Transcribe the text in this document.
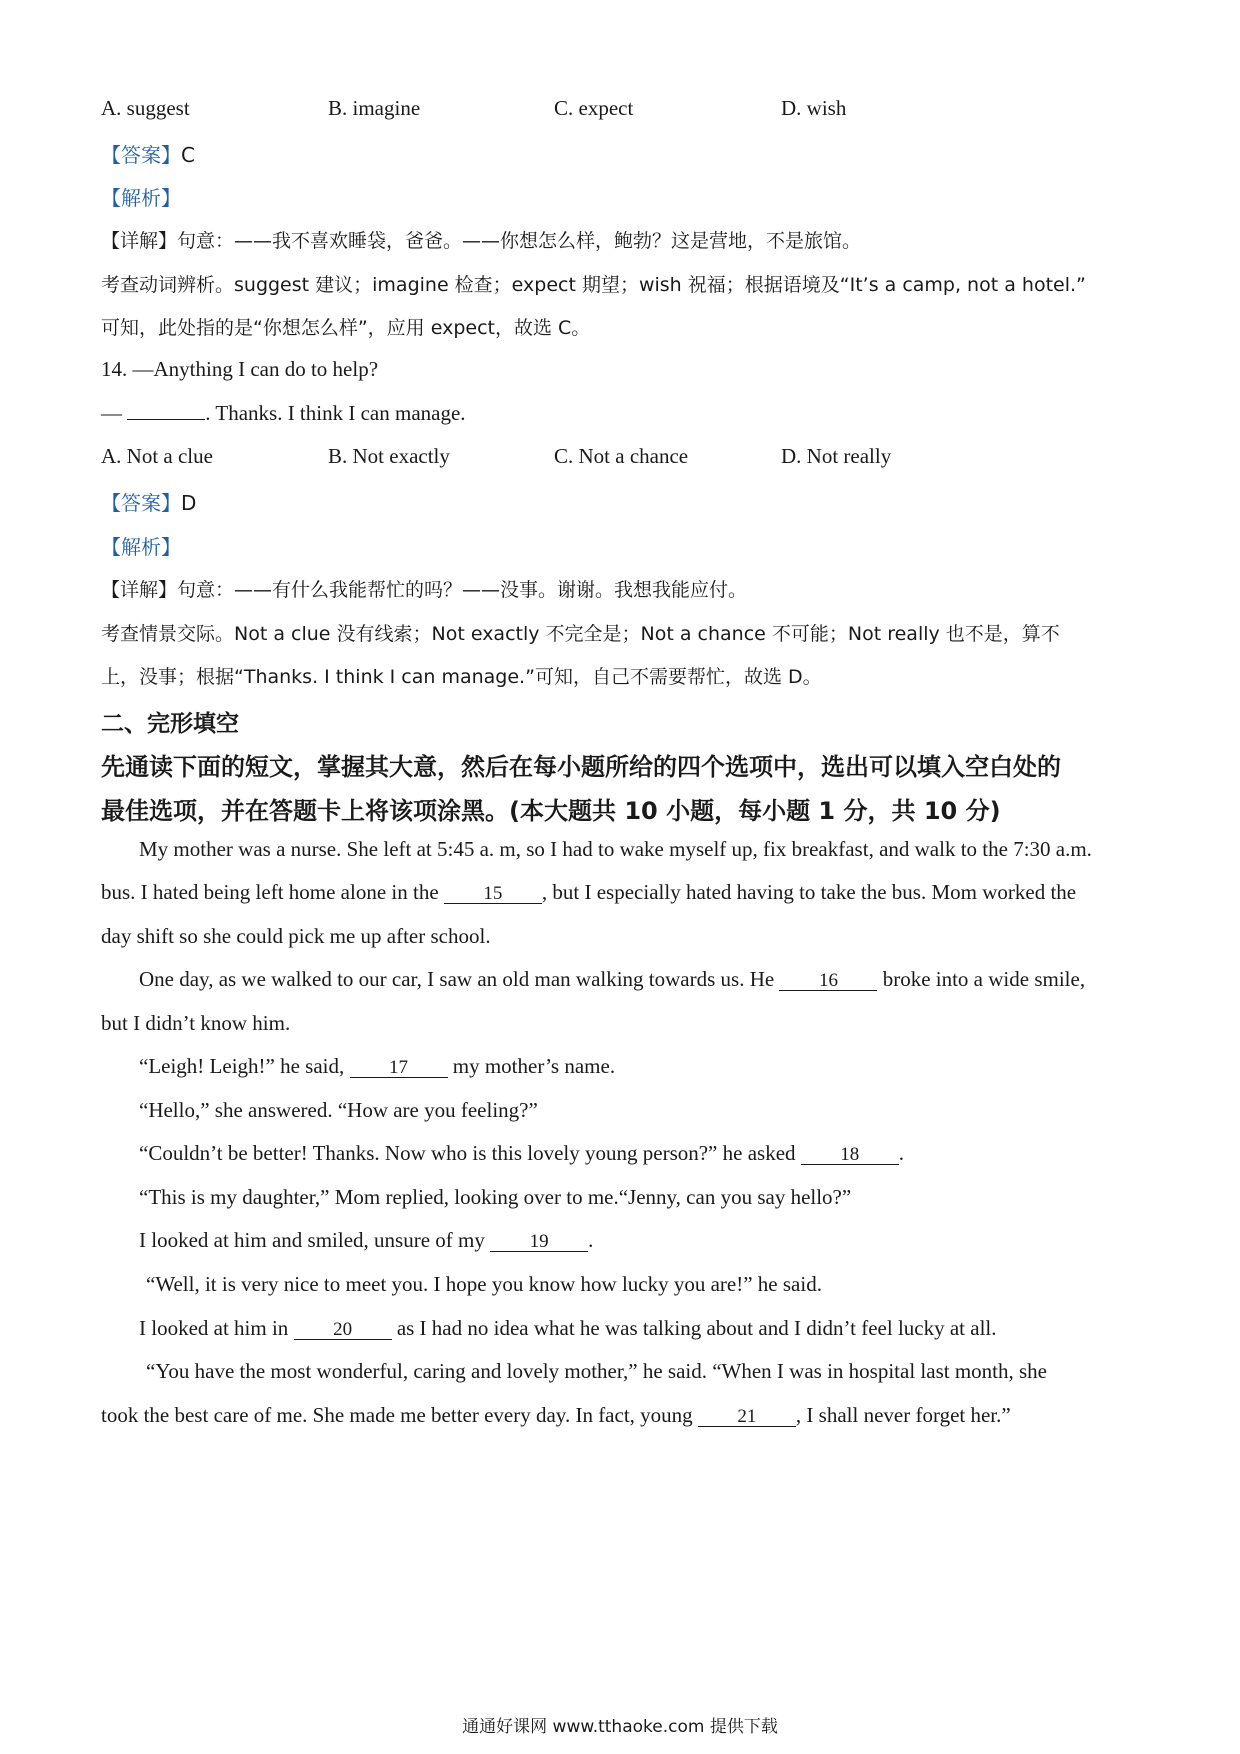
A. suggest	B. imagine	C. expect	D. wish
【答案】C
【解析】
【详解】句意：——我不喜欢睡袋，爸爸。——你想怎么样，鲍勃？这是营地，不是旅馆。
考查动词辨析。suggest 建议；imagine 检查；expect 期望；wish 祝福；根据语境及“It’s a camp, not a hotel.”
可知，此处指的是“你想怎么样”，应用 expect，故选 C。
14. —Anything I can do to help?
—	. Thanks. I think I can manage.
A. Not a clue	B. Not exactly	C. Not a chance	D. Not really
【答案】D
【解析】
【详解】句意：——有什么我能帮忙的吗？——没事。谢谢。我想我能应付。
考查情景交际。Not a clue 没有线索；Not exactly 不完全是；Not a chance 不可能；Not really 也不是，算不
上，没事；根据“Thanks. I think I can manage.”可知，自己不需要帮忙，故选 D。
二、完形填空
先通读下面的短文，掌握其大意，然后在每小题所给的四个选项中，选出可以填入空白处的
最佳选项，并在答题卡上将该项涂黑。(本大题共 10 小题，每小题 1 分，共 10 分)
My mother was a nurse. She left at 5:45 a. m, so I had to wake myself up, fix breakfast, and walk to the 7:30 a.m.
bus. I hated being left home alone in the 15 , but I especially hated having to take the bus. Mom worked the
day shift so she could pick me up after school.
One day, as we walked to our car, I saw an old man walking towards us. He 16 broke into a wide smile,
but I didn’t know him.
“Leigh! Leigh!” he said, 17 my mother’s name.
“Hello,” she answered. “How are you feeling?”
“Couldn’t be better! Thanks. Now who is this lovely young person?” he asked 18 .
“This is my daughter,” Mom replied, looking over to me.“Jenny, can you say hello?”
I looked at him and smiled, unsure of my 19 .
“Well, it is very nice to meet you. I hope you know how lucky you are!” he said.
I looked at him in 20 as I had no idea what he was talking about and I didn’t feel lucky at all.
“You have the most wonderful, caring and lovely mother,” he said. “When I was in hospital last month, she
took the best care of me. She made me better every day. In fact, young 21 , I shall never forget her.”
通通好课网 www.tthaoke.com 提供下载
